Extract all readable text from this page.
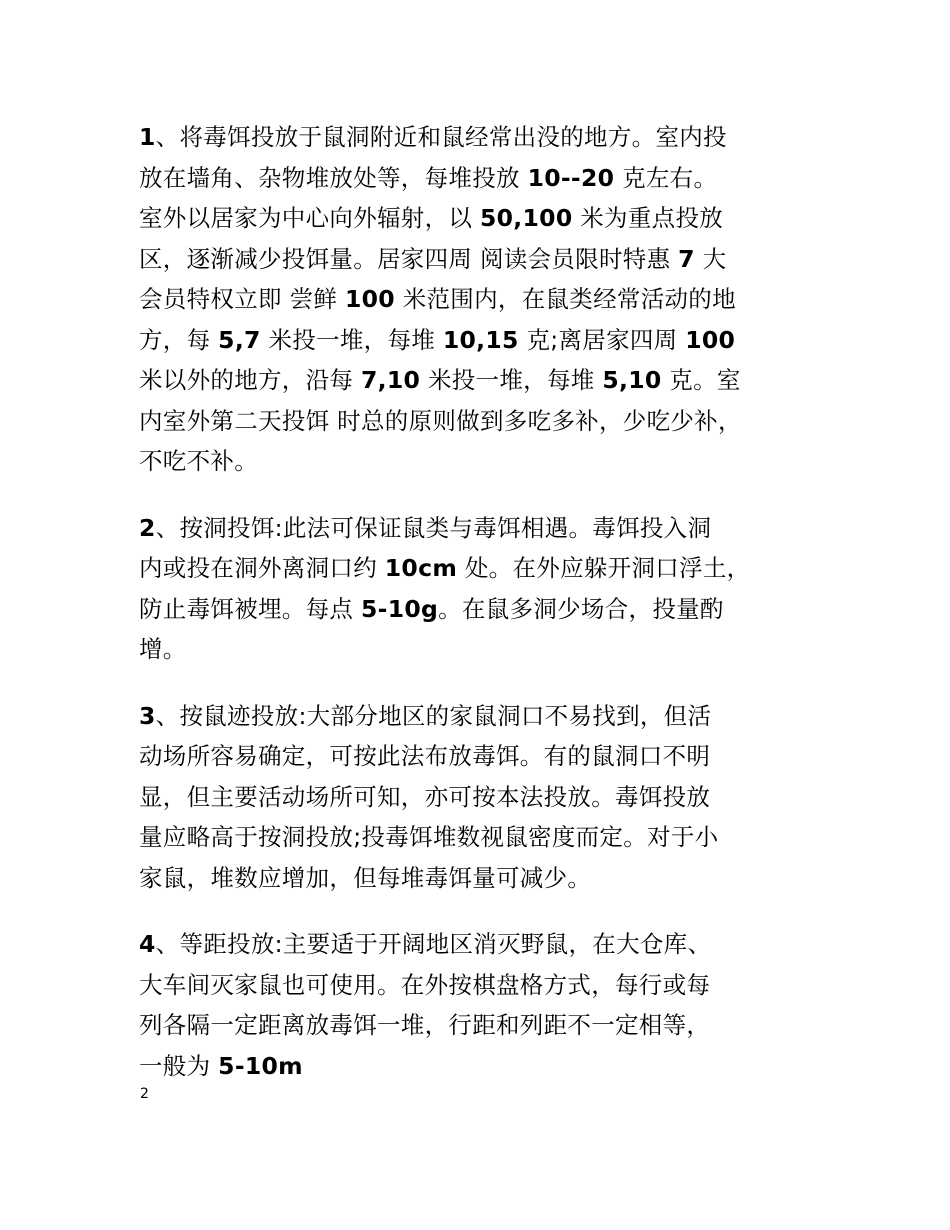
1、将毒饵投放于鼠洞附近和鼠经常出没的地方。室内投
放在墙角、杂物堆放处等，每堆投放 10--20 克左右。
室外以居家为中心向外辐射，以 50,100 米为重点投放
区，逐渐减少投饵量。居家四周 阅读会员限时特惠 7 大
会员特权立即 尝鲜 100 米范围内，在鼠类经常活动的地
方，每 5,7 米投一堆，每堆 10,15 克;离居家四周 100
米以外的地方，沿每 7,10 米投一堆，每堆 5,10 克。室
内室外第二天投饵 时总的原则做到多吃多补，少吃少补，
不吃不补。
2、按洞投饵:此法可保证鼠类与毒饵相遇。毒饵投入洞
内或投在洞外离洞口约 10cm 处。在外应躲开洞口浮土，
防止毒饵被埋。每点 5-10g。在鼠多洞少场合，投量酌
增。
3、按鼠迹投放:大部分地区的家鼠洞口不易找到，但活
动场所容易确定，可按此法布放毒饵。有的鼠洞口不明
显，但主要活动场所可知，亦可按本法投放。毒饵投放
量应略高于按洞投放;投毒饵堆数视鼠密度而定。对于小
家鼠，堆数应增加，但每堆毒饵量可减少。
4、等距投放:主要适于开阔地区消灭野鼠，在大仓库、
大车间灭家鼠也可使用。在外按棋盘格方式，每行或每
列各隔一定距离放毒饵一堆，行距和列距不一定相等，
一般为 5-10m
2
